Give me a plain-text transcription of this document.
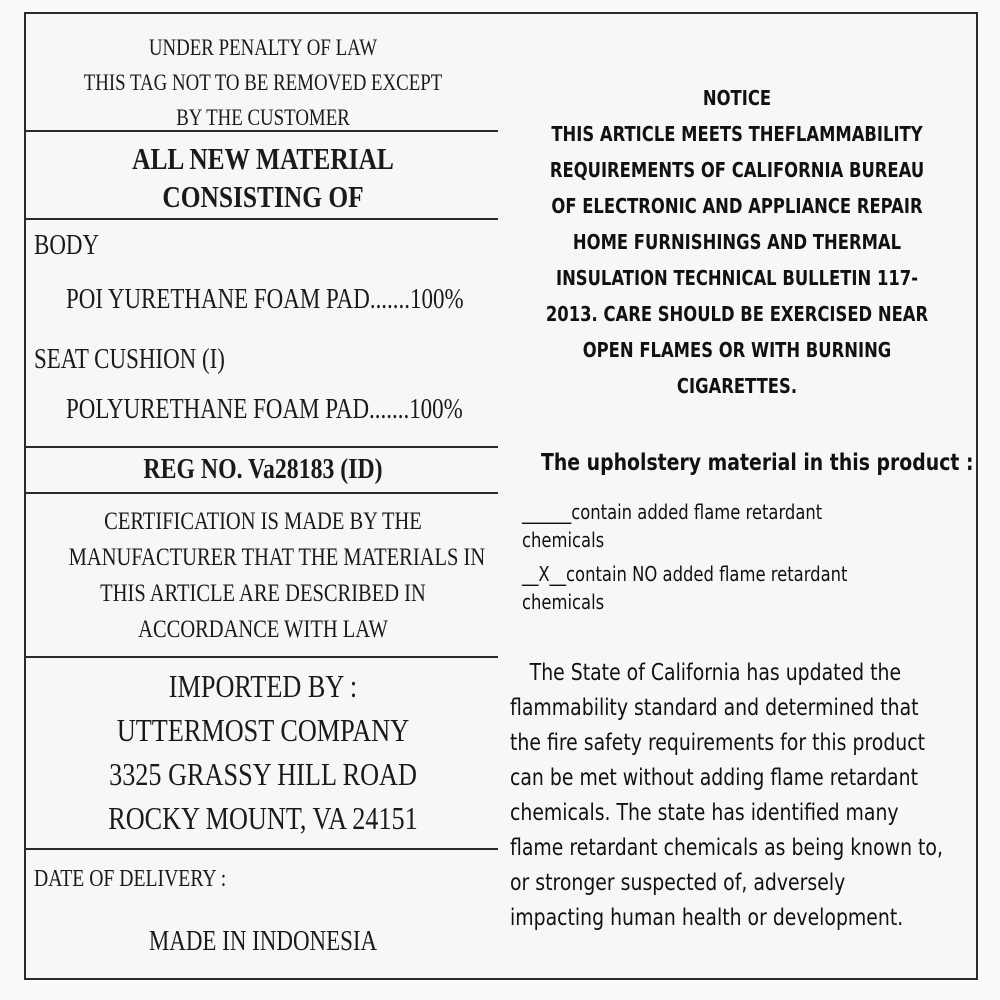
UNDER PENALTY OF LAW
THIS TAG NOT TO BE REMOVED EXCEPT
BY THE CUSTOMER
ALL NEW MATERIAL
CONSISTING OF
BODY
POI YURETHANE FOAM PAD.......100%
SEAT CUSHION (I)
POLYURETHANE FOAM PAD.......100%
REG NO. Va28183 (ID)
CERTIFICATION IS MADE BY THE
MANUFACTURER THAT THE MATERIALS IN
THIS ARTICLE ARE DESCRIBED IN
ACCORDANCE WITH LAW
IMPORTED BY :
UTTERMOST COMPANY
3325 GRASSY HILL ROAD
ROCKY MOUNT, VA 24151
DATE OF DELIVERY :
MADE IN INDONESIA
NOTICE
THIS ARTICLE MEETS THEFLAMMABILITY
REQUIREMENTS OF CALIFORNIA BUREAU
OF ELECTRONIC AND APPLIANCE REPAIR
HOME FURNISHINGS AND THERMAL
INSULATION TECHNICAL BULLETIN 117-
2013. CARE SHOULD BE EXERCISED NEAR
OPEN FLAMES OR WITH BURNING
CIGARETTES.
The upholstery material in this product :
______contain added flame retardant
chemicals
__X__contain NO added flame retardant
chemicals
The State of California has updated the
flammability standard and determined that
the fire safety requirements for this product
can be met without adding flame retardant
chemicals. The state has identified many
flame retardant chemicals as being known to,
or stronger suspected of, adversely
impacting human health or development.
